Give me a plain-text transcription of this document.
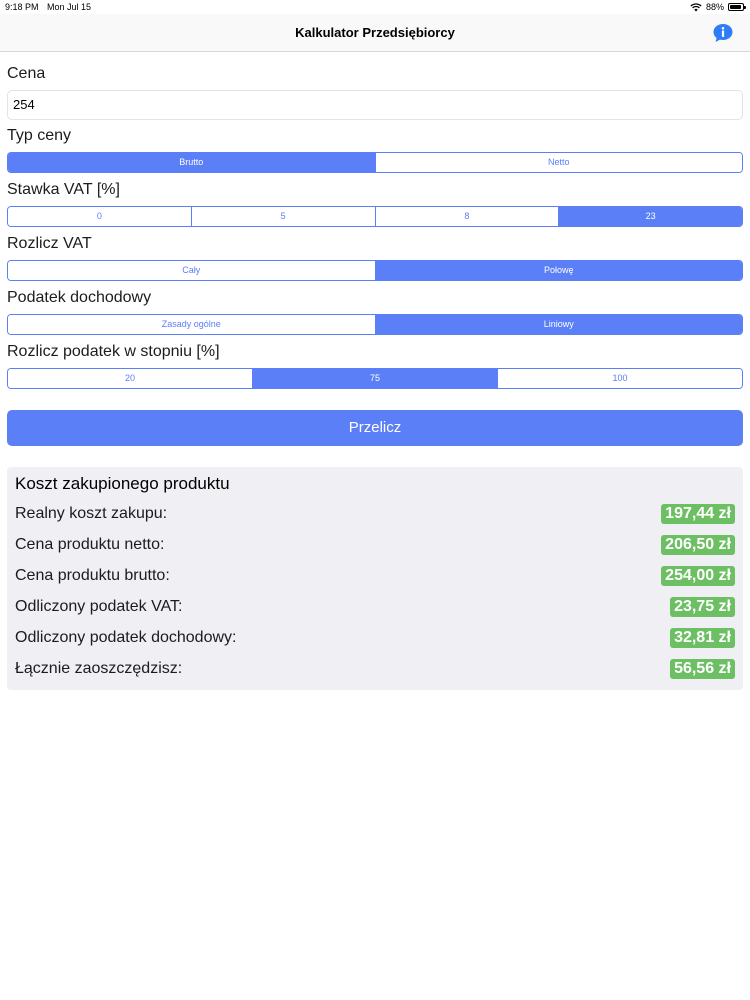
9:18 PM Mon Jul 15	88%
Kalkulator Przedsiębiorcy
Cena
254
Typ ceny
Brutto	Netto
Stawka VAT [%]
0	5	8	23
Rozlicz VAT
Cały	Połowę
Podatek dochodowy
Zasady ogólne	Liniowy
Rozlicz podatek w stopniu [%]
20	75	100
Przelicz
Koszt zakupionego produktu
Realny koszt zakupu:	197,44 zł
Cena produktu netto:	206,50 zł
Cena produktu brutto:	254,00 zł
Odliczony podatek VAT:	23,75 zł
Odliczony podatek dochodowy:	32,81 zł
Łącznie zaoszczędzisz:	56,56 zł
